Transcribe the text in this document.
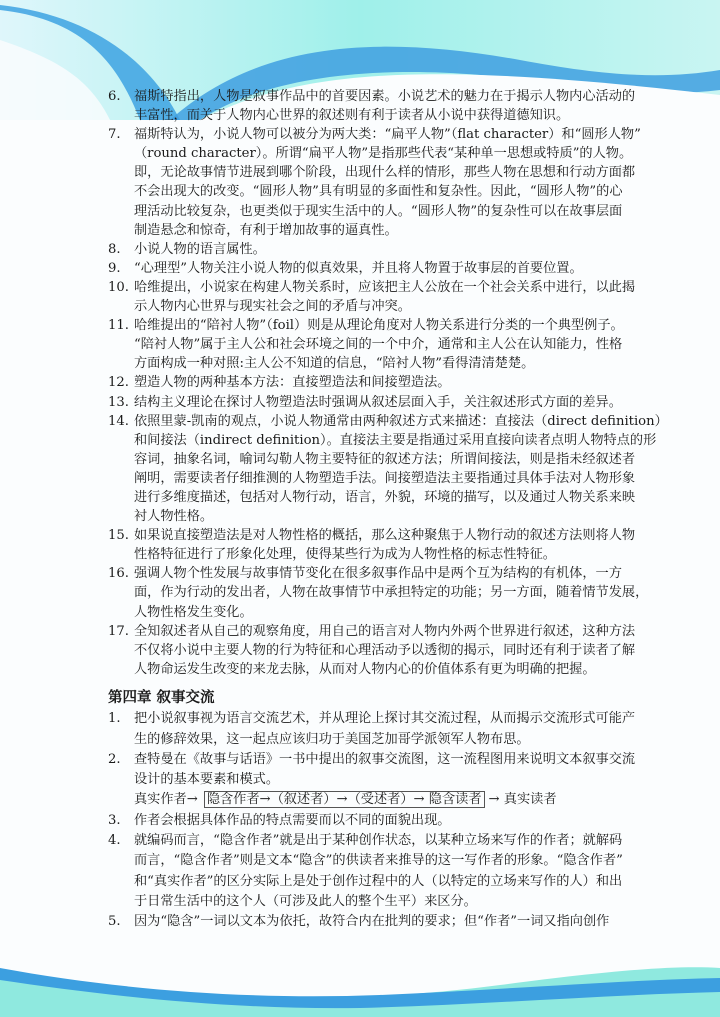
6.	福斯特指出，人物是叙事作品中的首要因素。小说艺术的魅力在于揭示人物内心活动的
丰富性，而关于人物内心世界的叙述则有利于读者从小说中获得道德知识。
7.	福斯特认为，小说人物可以被分为两大类：“扁平人物”（flat character）和“圆形人物”
（round character）。所谓“扁平人物”是指那些代表“某种单一思想或特质”的人物。
即，无论故事情节进展到哪个阶段，出现什么样的情形，那些人物在思想和行动方面都
不会出现大的改变。“圆形人物”具有明显的多面性和复杂性。因此，“圆形人物”的心
理活动比较复杂，也更类似于现实生活中的人。“圆形人物”的复杂性可以在故事层面
制造悬念和惊奇，有利于增加故事的逼真性。
8.	小说人物的语言属性。
9.	“心理型”人物关注小说人物的似真效果，并且将人物置于故事层的首要位置。
10. 哈维提出，小说家在构建人物关系时，应该把主人公放在一个社会关系中进行，以此揭
示人物内心世界与现实社会之间的矛盾与冲突。
11. 哈维提出的“陪衬人物”（foil）则是从理论角度对人物关系进行分类的一个典型例子。
“陪衬人物”属于主人公和社会环境之间的一个中介，通常和主人公在认知能力，性格
方面构成一种对照:主人公不知道的信息，“陪衬人物”看得清清楚楚。
12. 塑造人物的两种基本方法：直接塑造法和间接塑造法。
13. 结构主义理论在探讨人物塑造法时强调从叙述层面入手，关注叙述形式方面的差异。
14. 依照里蒙-凯南的观点，小说人物通常由两种叙述方式来描述：直接法（direct definition）
和间接法（indirect definition）。直接法主要是指通过采用直接向读者点明人物特点的形
容词，抽象名词，喻词勾勒人物主要特征的叙述方法；所谓间接法，则是指未经叙述者
阐明，需要读者仔细推测的人物塑造手法。间接塑造法主要指通过具体手法对人物形象
进行多维度描述，包括对人物行动，语言，外貌，环境的描写，以及通过人物关系来映
衬人物性格。
15. 如果说直接塑造法是对人物性格的概括，那么这种聚焦于人物行动的叙述方法则将人物
性格特征进行了形象化处理，使得某些行为成为人物性格的标志性特征。
16. 强调人物个性发展与故事情节变化在很多叙事作品中是两个互为结构的有机体，一方
面，作为行动的发出者，人物在故事情节中承担特定的功能；另一方面，随着情节发展，
人物性格发生变化。
17. 全知叙述者从自己的观察角度，用自己的语言对人物内外两个世界进行叙述，这种方法
不仅将小说中主要人物的行为特征和心理活动予以透彻的揭示，同时还有利于读者了解
人物命运发生改变的来龙去脉，从而对人物内心的价值体系有更为明确的把握。
第四章 叙事交流
1.	把小说叙事视为语言交流艺术，并从理论上探讨其交流过程，从而揭示交流形式可能产
生的修辞效果，这一起点应该归功于美国芝加哥学派领军人物布思。
2.	查特曼在《故事与话语》一书中提出的叙事交流图，这一流程图用来说明文本叙事交流
设计的基本要素和模式。
真实作者→ 隐含作者→（叙述者）→（受述者）→ 隐含读者 → 真实读者
3.	作者会根据具体作品的特点需要而以不同的面貌出现。
4.	就编码而言，“隐含作者”就是出于某种创作状态，以某种立场来写作的作者；就解码
而言，“隐含作者”则是文本“隐含”的供读者来推导的这一写作者的形象。“隐含作者”
和“真实作者”的区分实际上是处于创作过程中的人（以特定的立场来写作的人）和出
于日常生活中的这个人（可涉及此人的整个生平）来区分。
5.	因为“隐含”一词以文本为依托，故符合内在批判的要求；但“作者”一词又指向创作
